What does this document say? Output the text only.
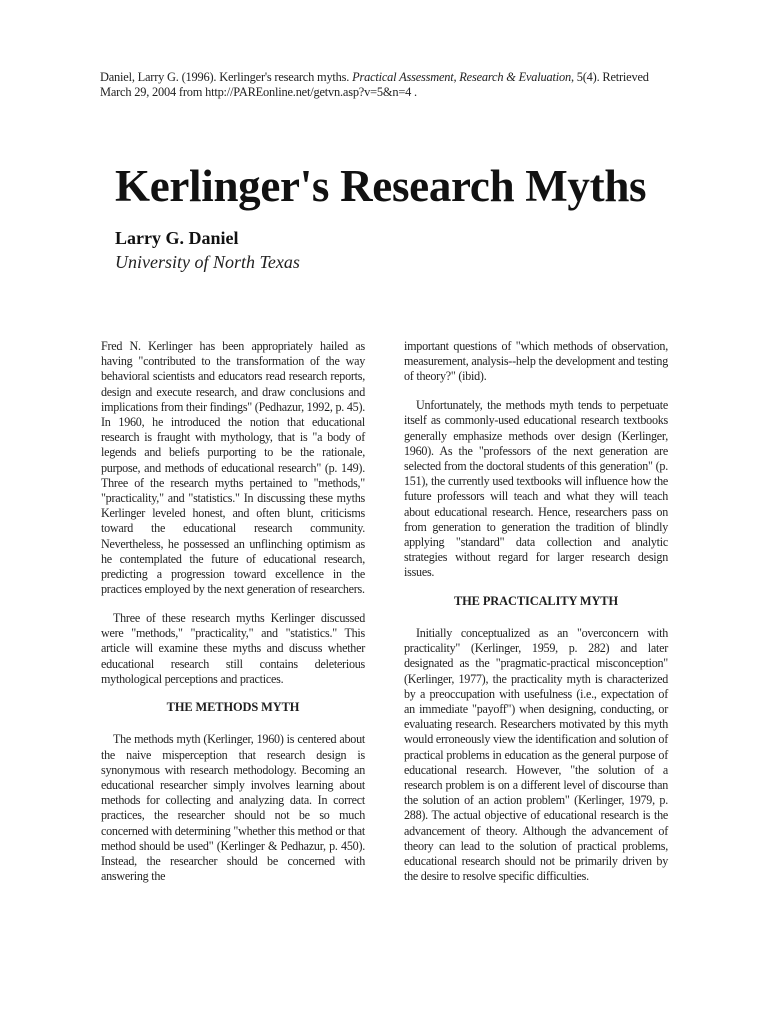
Daniel, Larry G. (1996). Kerlinger's research myths. Practical Assessment, Research & Evaluation, 5(4). Retrieved March 29, 2004 from http://PAREonline.net/getvn.asp?v=5&n=4 .
Kerlinger's Research Myths
Larry G. Daniel
University of North Texas

Fred N. Kerlinger has been appropriately hailed as having "contributed to the transformation of the way behavioral scientists and educators read research reports, design and execute research, and draw conclusions and implications from their findings" (Pedhazur, 1992, p. 45). In 1960, he introduced the notion that educational research is fraught with mythology, that is "a body of legends and beliefs purporting to be the rationale, purpose, and methods of educational research" (p. 149). Three of the research myths pertained to "methods," "practicality," and "statistics." In discussing these myths Kerlinger leveled honest, and often blunt, criticisms toward the educational research community. Nevertheless, he possessed an unflinching optimism as he contemplated the future of educational research, predicting a progression toward excellence in the practices employed by the next generation of researchers.

Three of these research myths Kerlinger discussed were "methods," "practicality," and "statistics." This article will examine these myths and discuss whether educational research still contains deleterious mythological perceptions and practices.

THE METHODS MYTH

The methods myth (Kerlinger, 1960) is centered about the naive misperception that research design is synonymous with research methodology. Becoming an educational researcher simply involves learning about methods for collecting and analyzing data. In correct practices, the researcher should not be so much concerned with determining "whether this method or that method should be used" (Kerlinger & Pedhazur, p. 450). Instead, the researcher should be concerned with answering the

important questions of "which methods of observation, measurement, analysis--help the development and testing of theory?" (ibid).

Unfortunately, the methods myth tends to perpetuate itself as commonly-used educational research textbooks generally emphasize methods over design (Kerlinger, 1960). As the "professors of the next generation are selected from the doctoral students of this generation" (p. 151), the currently used textbooks will influence how the future professors will teach and what they will teach about educational research. Hence, researchers pass on from generation to generation the tradition of blindly applying "standard" data collection and analytic strategies without regard for larger research design issues.

THE PRACTICALITY MYTH

Initially conceptualized as an "overconcern with practicality" (Kerlinger, 1959, p. 282) and later designated as the "pragmatic-practical misconception" (Kerlinger, 1977), the practicality myth is characterized by a preoccupation with usefulness (i.e., expectation of an immediate "payoff") when designing, conducting, or evaluating research. Researchers motivated by this myth would erroneously view the identification and solution of practical problems in education as the general purpose of educational research. However, "the solution of a research problem is on a different level of discourse than the solution of an action problem" (Kerlinger, 1979, p. 288). The actual objective of educational research is the advancement of theory. Although the advancement of theory can lead to the solution of practical problems, educational research should not be primarily driven by the desire to resolve specific difficulties.
